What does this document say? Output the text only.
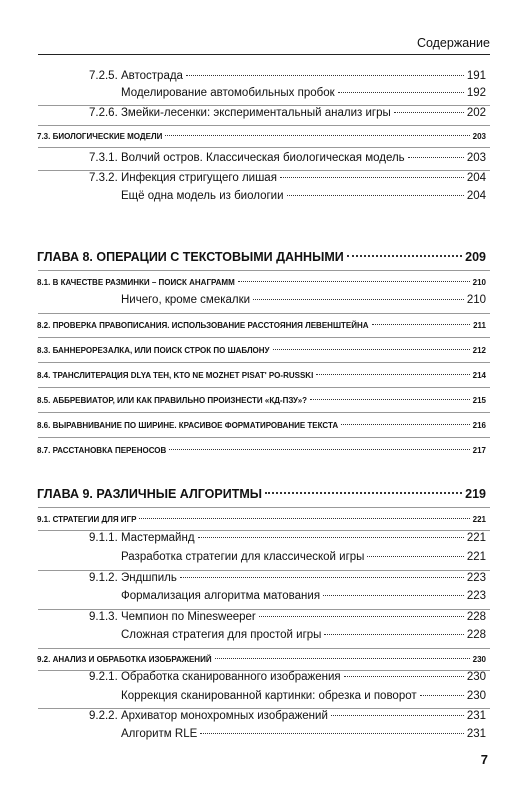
Содержание
7.2.5. Автострада	191
Моделирование автомобильных пробок	192
7.2.6. Змейки-лесенки: экспериментальный анализ игры	202
7.3. БИОЛОГИЧЕСКИЕ МОДЕЛИ	203
7.3.1. Волчий остров. Классическая биологическая модель	203
7.3.2. Инфекция стригущего лишая	204
Ещё одна модель из биологии	204
ГЛАВА 8. ОПЕРАЦИИ С ТЕКСТОВЫМИ ДАННЫМИ	209
8.1. В КАЧЕСТВЕ РАЗМИНКИ – ПОИСК АНАГРАММ	210
Ничего, кроме смекалки	210
8.2. ПРОВЕРКА ПРАВОПИСАНИЯ. ИСПОЛЬЗОВАНИЕ РАССТОЯНИЯ ЛЕВЕНШТЕЙНА	211
8.3. БАННЕРОРЕЗАЛКА, ИЛИ ПОИСК СТРОК ПО ШАБЛОНУ	212
8.4. ТРАНСЛИТЕРАЦИЯ DLYA TEH, KTO NE MOZHET PISAT' PO-RUSSKI	214
8.5. АББРЕВИАТОР, ИЛИ КАК ПРАВИЛЬНО ПРОИЗНЕСТИ «КД-ПЗУ»?	215
8.6. ВЫРАВНИВАНИЕ ПО ШИРИНЕ. КРАСИВОЕ ФОРМАТИРОВАНИЕ ТЕКСТА	216
8.7. РАССТАНОВКА ПЕРЕНОСОВ	217
ГЛАВА 9. РАЗЛИЧНЫЕ АЛГОРИТМЫ	219
9.1. СТРАТЕГИИ ДЛЯ ИГР	221
9.1.1. Мастермайнд	221
Разработка стратегии для классической игры	221
9.1.2. Эндшпиль	223
Формализация алгоритма матования	223
9.1.3. Чемпион по Minesweeper	228
Сложная стратегия для простой игры	228
9.2. АНАЛИЗ И ОБРАБОТКА ИЗОБРАЖЕНИЙ	230
9.2.1. Обработка сканированного изображения	230
Коррекция сканированной картинки: обрезка и поворот	230
9.2.2. Архиватор монохромных изображений	231
Алгоритм RLE	231
7
